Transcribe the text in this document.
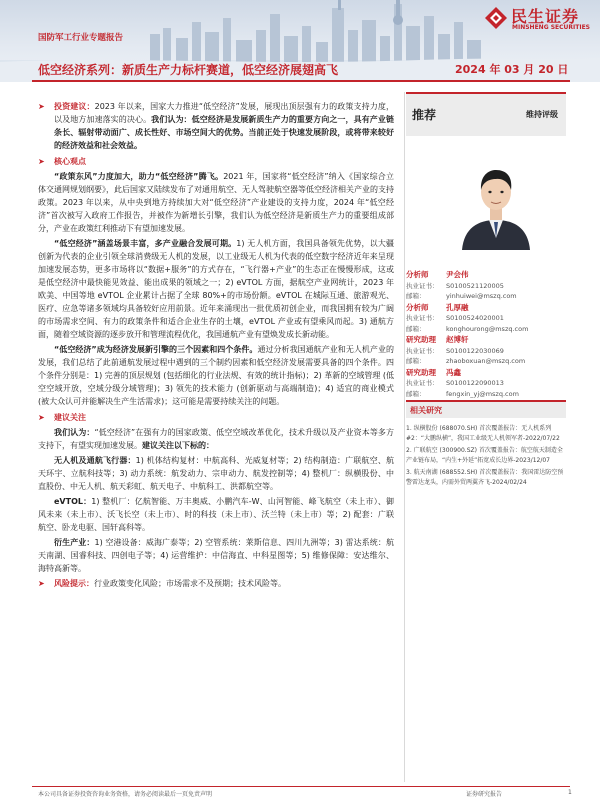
国防军工行业专题报告
民生证券
MINSHENG SECURITIES
低空经济系列：新质生产力标杆赛道，低空经济展翅高飞	2024 年 03 月 20 日
➤	投资建议：2023 年以来，国家大力推进“低空经济”发展，展现出顶层强有力的政策支持力度，以及地方加速落实的决心。我们认为：低空经济是发展新质生产力的重要方向之一，具有产业链条长、辐射带动面广、成长性好、市场空间大的优势。当前正处于快速发展阶段，或将带来较好的经济效益和社会效益。
➤ 核心观点

“政策东风”力度加大，助力“低空经济”腾飞。2021 年，国家将“低空经济”纳入《国家综合立体交通网规划纲要》，此后国家又陆续发布了对通用航空、无人驾驶航空器等低空经济相关产业的支持政策。2023 年以来，从中央到地方持续加大对“低空经济”产业建设的支持力度，2024 年“低空经济”首次被写入政府工作报告，并被作为新增长引擎，我们认为低空经济是新质生产力的重要组成部分，产业在政策红利推动下有望加速发展。

“低空经济”涵盖场景丰富，多产业融合发展可期。1) 无人机方面，我国具备领先优势，以大疆创新为代表的企业引领全球消费级无人机的发展，以工业级无人机为代表的低空数字经济近年来呈现加速发展态势，更多市场将以“数据+服务”的方式存在，“飞行器+产业”的生态正在慢慢形成，这或是低空经济中最快能见效益、能出成果的领域之一；2) eVTOL 方面，据航空产业网统计，2023 年欧美、中国等地 eVTOL 企业累计占据了全球 80%+的市场份额。eVTOL 在城际互通、旅游观光、医疗、应急等诸多领域均具备较好应用前景。近年来涌现出一批优质初创企业，而我国拥有较为广阔的市场需求空间、有力的政策条件和适合企业生存的土壤，eVTOL 产业或有望乘风而起。3) 通航方面，随着空域资源的逐步放开和管理流程优化，我国通航产业有望焕发成长新动能。

“低空经济”成为经济发展新引擎的三个因素和四个条件。通过分析我国通航产业和无人机产业的发展，我们总结了此前通航发展过程中遇到的三个制约因素和低空经济发展需要具备的四个条件。四个条件分别是：1) 完善的顶层规划 (包括细化的行业法规、有效的统计指标)；2) 革新的空域管理 (低空空域开放，空域分级分域管理)；3) 领先的技术能力 (创新驱动与高端制造)；4) 适宜的商业模式 (被大众认可并能解决生产生活需求)；这可能是需要持续关注的问题。

➤ 建议关注

我们认为：“低空经济”在强有力的国家政策、低空空域改革优化，技术升级以及产业资本等多方支持下，有望实现加速发展。建议关注以下标的：

无人机及通航飞行器：1) 机体结构复材：中航高科、光威复材等；2) 结构制造：广联航空、航天环宇、立航科技等；3) 动力系统：航发动力、宗申动力、航发控制等；4) 整机厂：纵横股份、中直股份、中无人机、航天彩虹、航天电子、中航科工、洪都航空等。

eVTOL：1) 整机厂：亿航智能、万丰奥威、小鹏汽车-W、山河智能、峰飞航空（未上市）、御风未来（未上市）、沃飞长空（未上市）、时的科技（未上市）、沃兰特（未上市）等；2) 配套：广联航空、卧龙电驱、国轩高科等。

衍生产业：1) 空港设备：威海广泰等；2) 空管系统：莱斯信息、四川九洲等；3) 雷达系统：航天南湖、国睿科技、四创电子等；4) 运营维护：中信海直、中科星图等；5) 维修保障：安达维尔、海特高新等。

➤	风险提示：行业政策变化风险；市场需求不及预期；技术风险等。
推荐	维持评级
分析师	尹会伟
执业证书：	S0100521120005
邮箱：	yinhuiwei@mszq.com
分析师	孔厚融
执业证书：	S0100524020001
邮箱：	konghourong@mszq.com
研究助理	赵博轩
执业证书：	S0100122030069
邮箱：	zhaoboxuan@mszq.com
研究助理	冯鑫
执业证书：	S0100122090013
邮箱：	fengxin_yj@mszq.com
相关研究
1. 纵横股份 (688070.SH) 首次覆盖报告：无人机系列#2：“大鹏纵横”，我国工业级无人机领军者-2022/07/22
2. 广联航空 (300900.SZ) 首次覆盖报告：航空航天制造全产业链布局，“内生+外延”拓宽成长边界-2023/12/07
3. 航天南湖 (688552.SH) 首次覆盖报告：我国雷达防空预警雷达龙头，内需外贸两翼齐飞-2024/02/24
本公司具备证券投资咨询业务资格，请务必阅读最后一页免责声明	证券研究报告	1
